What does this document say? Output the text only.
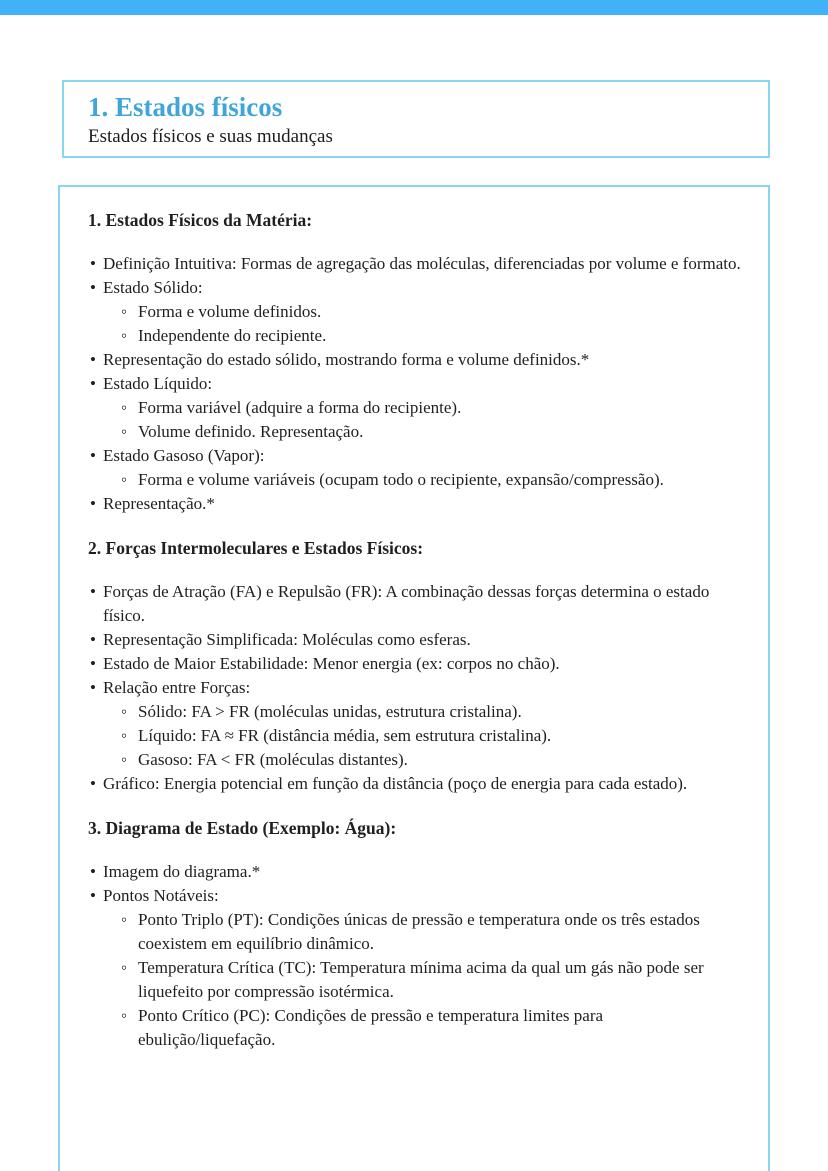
1. Estados físicos

Estados físicos e suas mudanças

1. Estados Físicos da Matéria:
• Definição Intuitiva: Formas de agregação das moléculas, diferenciadas por volume e formato.
• Estado Sólido:
◦ Forma e volume definidos.
◦ Independente do recipiente.
• Representação do estado sólido, mostrando forma e volume definidos.*
• Estado Líquido:
◦ Forma variável (adquire a forma do recipiente).
◦ Volume definido. Representação.
• Estado Gasoso (Vapor):
◦ Forma e volume variáveis (ocupam todo o recipiente, expansão/compressão).
• Representação.*
2. Forças Intermoleculares e Estados Físicos:
• Forças de Atração (FA) e Repulsão (FR): A combinação dessas forças determina o estado físico.
• Representação Simplificada: Moléculas como esferas.
• Estado de Maior Estabilidade: Menor energia (ex: corpos no chão).
• Relação entre Forças:
◦ Sólido: FA > FR (moléculas unidas, estrutura cristalina).
◦ Líquido: FA ≈ FR (distância média, sem estrutura cristalina).
◦ Gasoso: FA < FR (moléculas distantes).
• Gráfico: Energia potencial em função da distância (poço de energia para cada estado).
3. Diagrama de Estado (Exemplo: Água):
• Imagem do diagrama.*
• Pontos Notáveis:
◦ Ponto Triplo (PT): Condições únicas de pressão e temperatura onde os três estados coexistem em equilíbrio dinâmico.
◦ Temperatura Crítica (TC): Temperatura mínima acima da qual um gás não pode ser liquefeito por compressão isotérmica.
◦ Ponto Crítico (PC): Condições de pressão e temperatura limites para ebulição/liquefação.
